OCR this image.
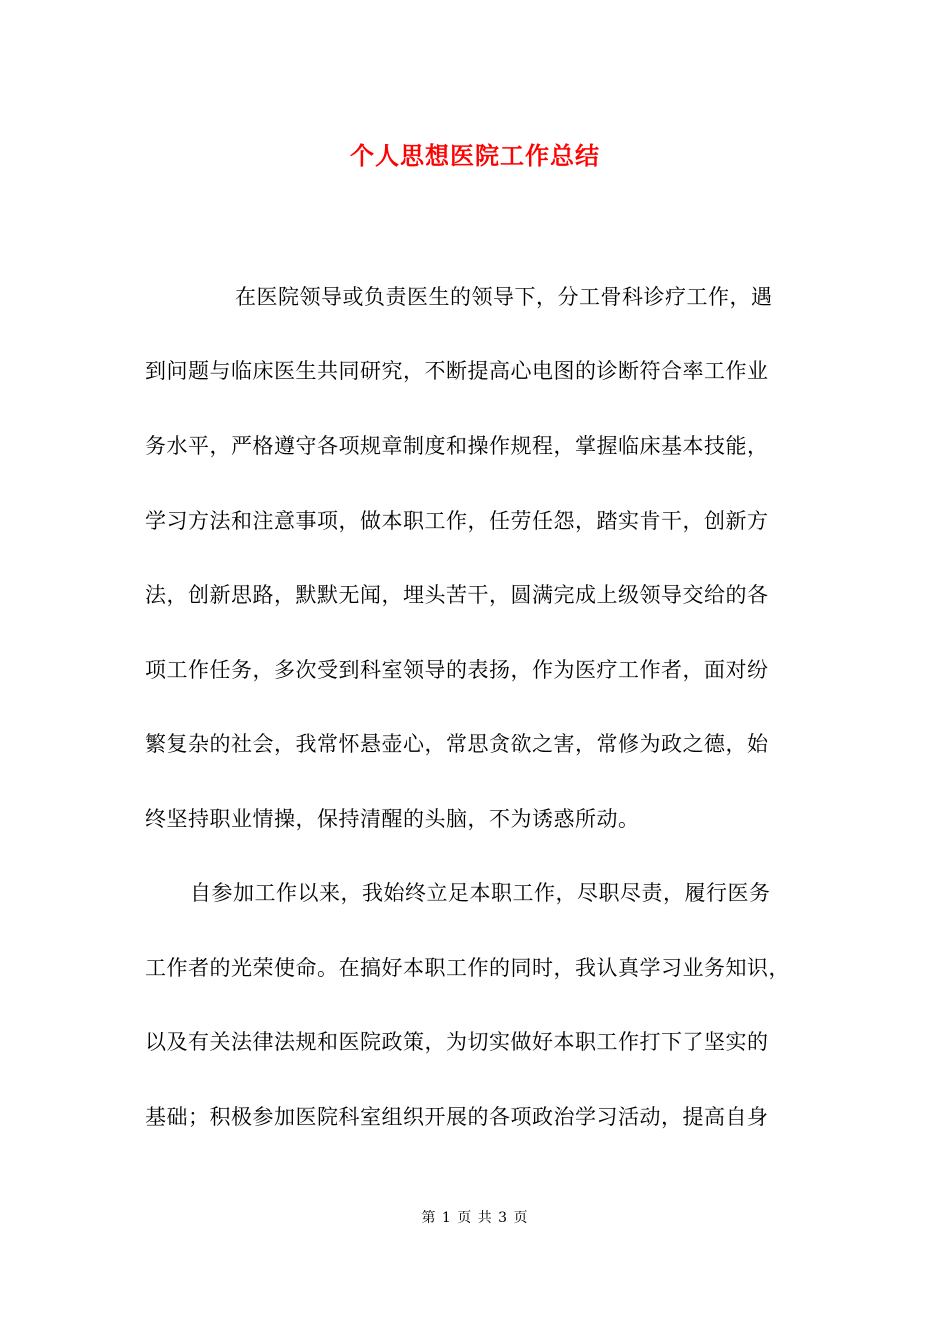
个人思想医院工作总结
在医院领导或负责医生的领导下，分工骨科诊疗工作，遇
到问题与临床医生共同研究，不断提高心电图的诊断符合率工作业
务水平，严格遵守各项规章制度和操作规程，掌握临床基本技能，
学习方法和注意事项，做本职工作，任劳任怨，踏实肯干，创新方
法，创新思路，默默无闻，埋头苦干，圆满完成上级领导交给的各
项工作任务，多次受到科室领导的表扬，作为医疗工作者，面对纷
繁复杂的社会，我常怀悬壶心，常思贪欲之害，常修为政之德，始
终坚持职业情操，保持清醒的头脑，不为诱惑所动。
自参加工作以来，我始终立足本职工作，尽职尽责，履行医务
工作者的光荣使命。在搞好本职工作的同时，我认真学习业务知识，
以及有关法律法规和医院政策，为切实做好本职工作打下了坚实的
基础；积极参加医院科室组织开展的各项政治学习活动，提高自身
第 1 页 共 3 页
